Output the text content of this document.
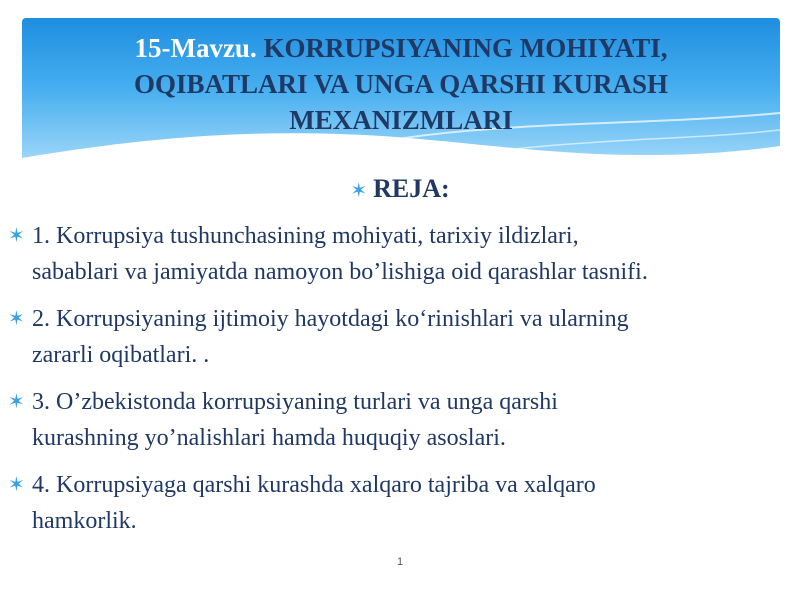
15-Mavzu. KORRUPSIYANING MOHIYATI,
OQIBATLARI VA UNGA QARSHI KURASH
MEXANIZMLARI
✶ REJA:
✶ 1. Korrupsiya tushunchasining mohiyati, tarixiy ildizlari,
sabablari va jamiyatda namoyon bo’lishiga oid qarashlar tasnifi.
✶ 2. Korrupsiyaning ijtimoiy hayotdagi ko‘rinishlari va ularning
zararli oqibatlari. .
✶ 3. O’zbekistonda korrupsiyaning turlari va unga qarshi
kurashning yo’nalishlari hamda huquqiy asoslari.
✶ 4. Korrupsiyaga qarshi kurashda xalqaro tajriba va xalqaro
hamkorlik.
1
